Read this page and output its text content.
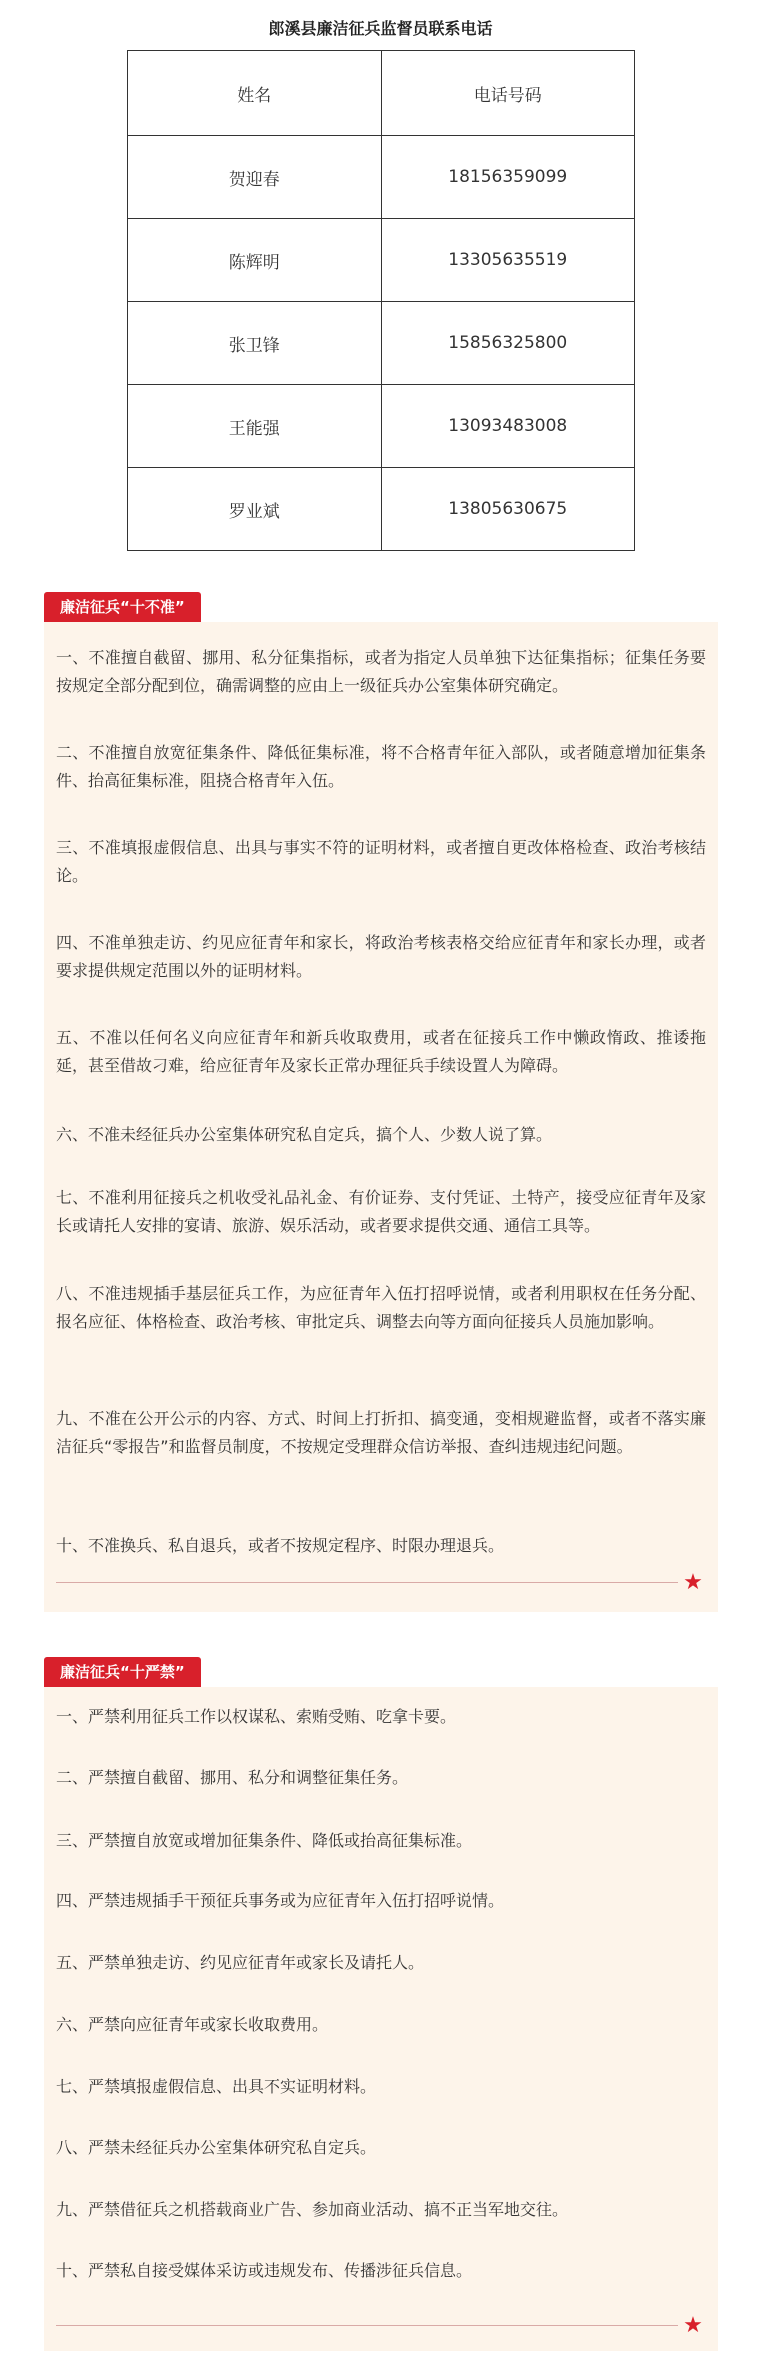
郎溪县廉洁征兵监督员联系电话
姓名	电话号码
贺迎春	18156359099
陈辉明	13305635519
张卫锋	15856325800
王能强	13093483008
罗业斌	13805630675
廉洁征兵“十不准”

一、不准擅自截留、挪用、私分征集指标，或者为指定人员单独下达征集指标；征集任务要按规定全部分配到位，确需调整的应由上一级征兵办公室集体研究确定。

二、不准擅自放宽征集条件、降低征集标准，将不合格青年征入部队，或者随意增加征集条件、抬高征集标准，阻挠合格青年入伍。

三、不准填报虚假信息、出具与事实不符的证明材料，或者擅自更改体格检查、政治考核结论。

四、不准单独走访、约见应征青年和家长，将政治考核表格交给应征青年和家长办理，或者要求提供规定范围以外的证明材料。

五、不准以任何名义向应征青年和新兵收取费用，或者在征接兵工作中懒政惰政、推诿拖延，甚至借故刁难，给应征青年及家长正常办理征兵手续设置人为障碍。

六、不准未经征兵办公室集体研究私自定兵，搞个人、少数人说了算。

七、不准利用征接兵之机收受礼品礼金、有价证券、支付凭证、土特产，接受应征青年及家长或请托人安排的宴请、旅游、娱乐活动，或者要求提供交通、通信工具等。

八、不准违规插手基层征兵工作，为应征青年入伍打招呼说情，或者利用职权在任务分配、报名应征、体格检查、政治考核、审批定兵、调整去向等方面向征接兵人员施加影响。

九、不准在公开公示的内容、方式、时间上打折扣、搞变通，变相规避监督，或者不落实廉洁征兵“零报告”和监督员制度，不按规定受理群众信访举报、查纠违规违纪问题。

十、不准换兵、私自退兵，或者不按规定程序、时限办理退兵。

★
廉洁征兵“十严禁”

一、严禁利用征兵工作以权谋私、索贿受贿、吃拿卡要。

二、严禁擅自截留、挪用、私分和调整征集任务。

三、严禁擅自放宽或增加征集条件、降低或抬高征集标准。

四、严禁违规插手干预征兵事务或为应征青年入伍打招呼说情。

五、严禁单独走访、约见应征青年或家长及请托人。

六、严禁向应征青年或家长收取费用。

七、严禁填报虚假信息、出具不实证明材料。

八、严禁未经征兵办公室集体研究私自定兵。

九、严禁借征兵之机搭载商业广告、参加商业活动、搞不正当军地交往。

十、严禁私自接受媒体采访或违规发布、传播涉征兵信息。

★
